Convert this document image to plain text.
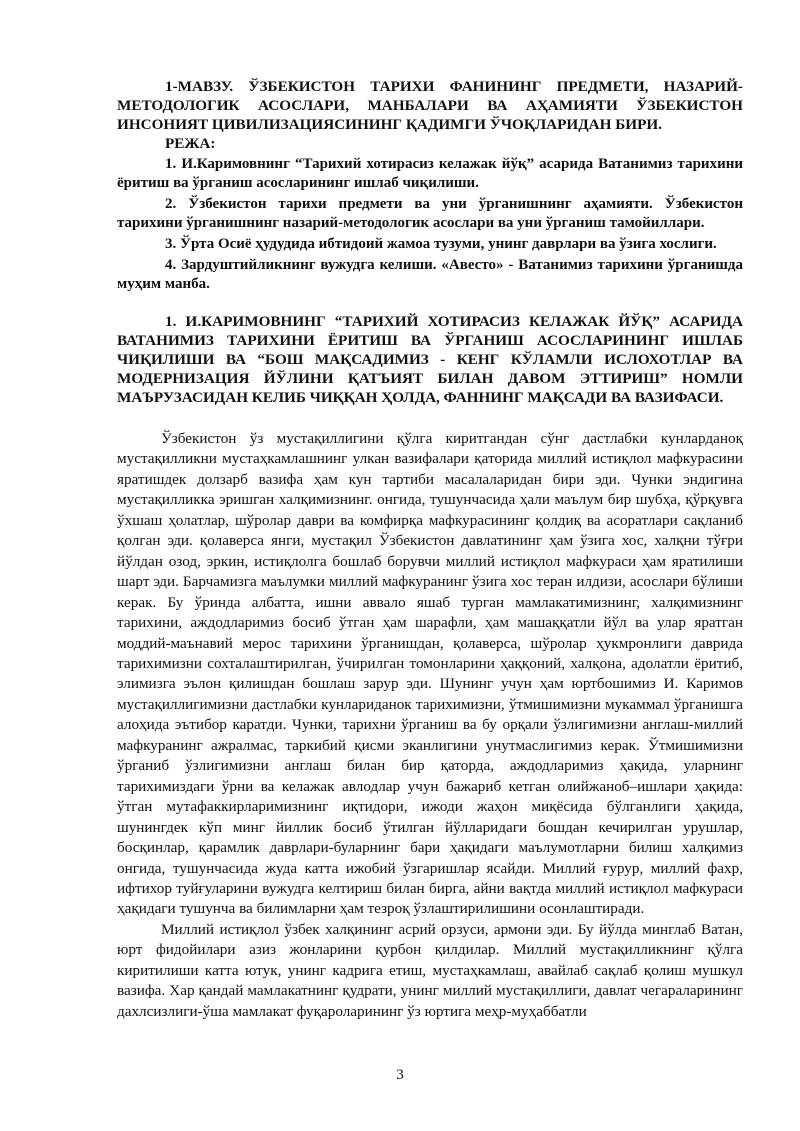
1-МАВЗУ. ЎЗБЕКИСТОН ТАРИХИ ФАНИНИНГ ПРЕДМЕТИ, НАЗАРИЙ-МЕТОДОЛОГИК АСОСЛАРИ, МАНБАЛАРИ ВА АҲАМИЯТИ ЎЗБЕКИСТОН ИНСОНИЯТ ЦИВИЛИЗАЦИЯСИНИНГ ҚАДИМГИ ЎЧОҚЛАРИДАН БИРИ.

РЕЖА:

1. И.Каримовнинг “Тарихий хотирасиз келажак йўқ” асарида Ватанимиз тарихини ёритиш ва ўрганиш асосларининг ишлаб чиқилиши.

2. Ўзбекистон тарихи предмети ва уни ўрганишнинг аҳамияти. Ўзбекистон тарихини ўрганишнинг назарий-методологик асослари ва уни ўрганиш тамойиллари.

3. Ўрта Осиё ҳудудида ибтидоий жамоа тузуми, унинг даврлари ва ўзига хослиги.

4. Зардуштийликнинг вужудга келиши. «Авесто» - Ватанимиз тарихини ўрганишда муҳим манба.

1. И.КАРИМОВНИНГ “ТАРИХИЙ ХОТИРАСИЗ КЕЛАЖАК ЙЎҚ” АСАРИДА ВАТАНИМИЗ ТАРИХИНИ ЁРИТИШ ВА ЎРГАНИШ АСОСЛАРИНИНГ ИШЛАБ ЧИҚИЛИШИ ВА “БОШ МАҚСАДИМИЗ - КЕНГ КЎЛАМЛИ ИСЛОХОТЛАР ВА МОДЕРНИЗАЦИЯ ЙЎЛИНИ ҚАТЪИЯТ БИЛАН ДАВОМ ЭТТИРИШ” НОМЛИ МАЪРУЗАСИДАН КЕЛИБ ЧИҚҚАН ҲОЛДА, ФАННИНГ МАҚСАДИ ВА ВАЗИФАСИ.

Ўзбекистон ўз мустақиллигини қўлга киритгандан сўнг дастлабки кунларданоқ мустақилликни мустаҳкамлашнинг улкан вазифалари қаторида миллий истиқлол мафкурасини яратишдек долзарб вазифа ҳам кун тартиби масалаларидан бири эди. Чунки эндигина мустақилликка эришган халқимизнинг. онгида, тушунчасида ҳали маълум бир шубҳа, қўрқувга ўхшаш ҳолатлар, шўролар даври ва комфирқа мафкурасининг қолдиқ ва асоратлари сақланиб қолган эди. қолаверса янги, мустақил Ўзбекистон давлатининг ҳам ўзига хос, халқни тўғри йўлдан озод, эркин, истиқлолга бошлаб борувчи миллий истиқлол мафкураси ҳам яратилиши шарт эди. Барчамизга маълумки миллий мафкуранинг ўзига хос теран илдизи, асослари бўлиши керак. Бу ўринда албатта, ишни аввало яшаб турган мамлакатимизнинг, халқимизнинг тарихини, аждодларимиз босиб ўтган ҳам шарафли, ҳам машаққатли йўл ва улар яратган моддий-маънавий мерос тарихини ўрганишдан, қолаверса, шўролар ҳукмронлиги даврида тарихимизни сохталаштирилган, ўчирилган томонларини ҳаққоний, халқона, адолатли ёритиб, элимизга эълон қилишдан бошлаш зарур эди. Шунинг учун ҳам юртбошимиз И. Каримов мустақиллигимизни дастлабки кунлариданок тарихимизни, ўтмишимизни мукаммал ўрганишга алоҳида эътибор каратди. Чунки, тарихни ўрганиш ва бу орқали ўзлигимизни англаш-миллий мафкуранинг ажралмас, таркибий қисми эканлигини унутмаслигимиз керак. Ўтмишимизни ўрганиб ўзлигимизни англаш билан бир қаторда, аждодларимиз ҳақида, уларнинг тарихимиздаги ўрни ва келажак авлодлар учун бажариб кетган олийжаноб–ишлари ҳақида: ўтган мутафаккирларимизнинг иқтидори, ижоди жаҳон миқёсида бўлганлиги ҳақида, шунингдек кўп минг йиллик босиб ўтилган йўлларидаги бошдан кечирилган урушлар, босқинлар, қарамлик даврлари-буларнинг бари ҳақидаги маълумотларни билиш халқимиз онгида, тушунчасида жуда катта ижобий ўзгаришлар ясайди. Миллий ғурур, миллий фахр, ифтихор туйғуларини вужудга келтириш билан бирга, айни вақтда миллий истиқлол мафкураси ҳақидаги тушунча ва билимларни ҳам тезроқ ўзлаштирилишини осонлаштиради.

Миллий истиқлол ўзбек халқининг асрий орзуси, армони эди. Бу йўлда минглаб Ватан, юрт фидойилари азиз жонларини қурбон қилдилар. Миллий мустақилликнинг қўлга киритилиши катта ютук, унинг кадрига етиш, мустаҳкамлаш, авайлаб сақлаб қолиш мушкул вазифа. Хар қандай мамлакатнинг қудрати, унинг миллий мустақиллиги, давлат чегараларининг дахлсизлиги-ўша мамлакат фуқароларининг ўз юртига меҳр-муҳаббатли

3
